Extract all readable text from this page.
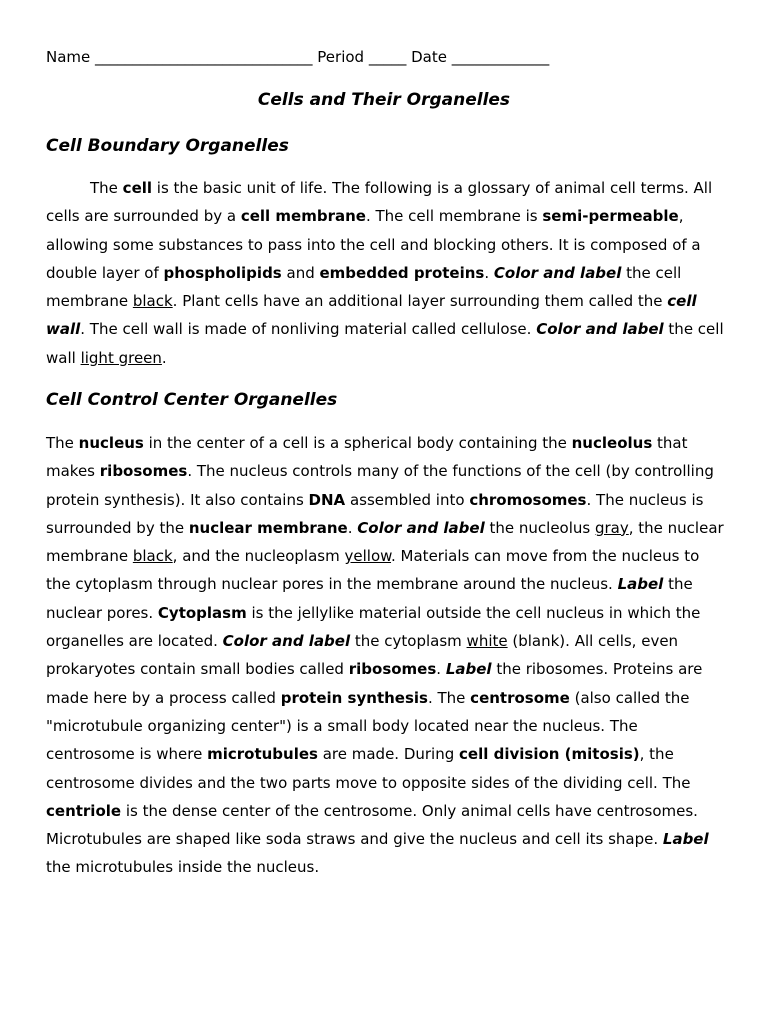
Name _____________________________ Period _____ Date _____________
Cells and Their Organelles
Cell Boundary Organelles
The cell is the basic unit of life. The following is a glossary of animal cell terms. All cells are surrounded by a cell membrane. The cell membrane is semi-permeable, allowing some substances to pass into the cell and blocking others. It is composed of a double layer of phospholipids and embedded proteins. Color and label the cell membrane black. Plant cells have an additional layer surrounding them called the cell wall. The cell wall is made of nonliving material called cellulose. Color and label the cell wall light green.
Cell Control Center Organelles
The nucleus in the center of a cell is a spherical body containing the nucleolus that makes ribosomes. The nucleus controls many of the functions of the cell (by controlling protein synthesis). It also contains DNA assembled into chromosomes. The nucleus is surrounded by the nuclear membrane. Color and label the nucleolus gray, the nuclear membrane black, and the nucleoplasm yellow. Materials can move from the nucleus to the cytoplasm through nuclear pores in the membrane around the nucleus. Label the nuclear pores. Cytoplasm is the jellylike material outside the cell nucleus in which the organelles are located. Color and label the cytoplasm white (blank). All cells, even prokaryotes contain small bodies called ribosomes. Label the ribosomes. Proteins are made here by a process called protein synthesis. The centrosome (also called the "microtubule organizing center") is a small body located near the nucleus. The centrosome is where microtubules are made. During cell division (mitosis), the centrosome divides and the two parts move to opposite sides of the dividing cell. The centriole is the dense center of the centrosome. Only animal cells have centrosomes. Microtubules are shaped like soda straws and give the nucleus and cell its shape. Label the microtubules inside the nucleus.
